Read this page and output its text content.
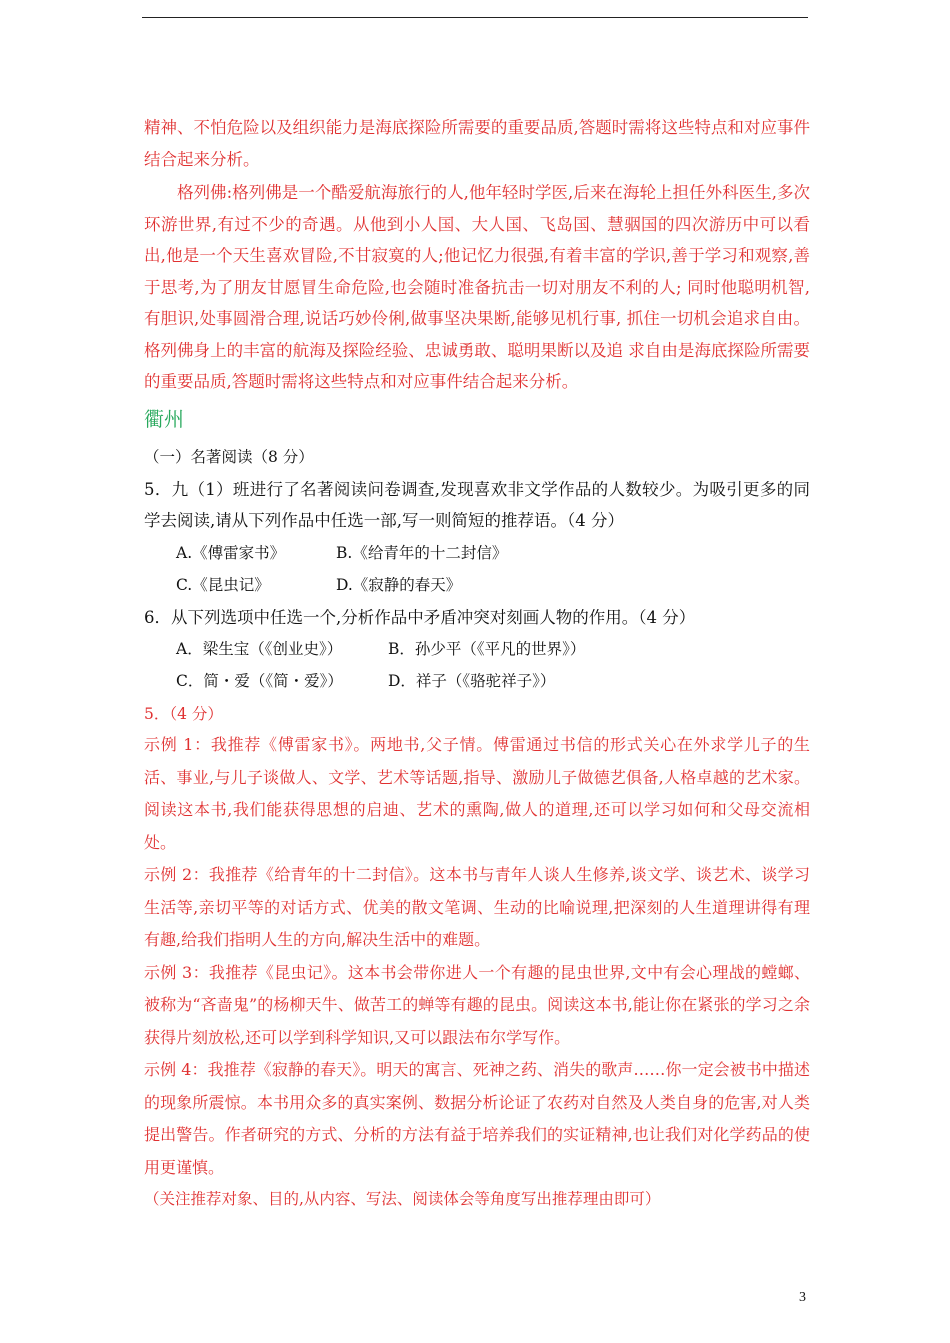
精神、不怕危险以及组织能力是海底探险所需要的重要品质,答题时需将这些特点和对应事件结合起来分析。

格列佛:格列佛是一个酷爱航海旅行的人,他年轻时学医,后来在海轮上担任外科医生,多次环游世界,有过不少的奇遇。从他到小人国、大人国、飞岛国、慧骃国的四次游历中可以看出,他是一个天生喜欢冒险,不甘寂寞的人;他记忆力很强,有着丰富的学识,善于学习和观察,善于思考,为了朋友甘愿冒生命危险,也会随时准备抗击一切对朋友不利的人; 同时他聪明机智,有胆识,处事圆滑合理,说话巧妙伶俐,做事坚决果断,能够见机行事, 抓住一切机会追求自由。格列佛身上的丰富的航海及探险经验、忠诚勇敢、聪明果断以及追 求自由是海底探险所需要的重要品质,答题时需将这些特点和对应事件结合起来分析。

衢州

（一）名著阅读（8 分）

5．九（1）班进行了名著阅读问卷调查,发现喜欢非文学作品的人数较少。为吸引更多的同学去阅读,请从下列作品中任选一部,写一则简短的推荐语。（4 分）

A.《傅雷家书》	B.《给青年的十二封信》
C.《昆虫记》	D.《寂静的春天》

6．从下列选项中任选一个,分析作品中矛盾冲突对刻画人物的作用。（4 分）

A．梁生宝（《创业史》）	B．孙少平（《平凡的世界》）
C．简・爱（《简・爱》）	D．祥子（《骆驼祥子》）

5．（4 分）

示例 1：我推荐《傅雷家书》。两地书,父子情。傅雷通过书信的形式关心在外求学儿子的生活、事业,与儿子谈做人、文学、艺术等话题,指导、激励儿子做德艺俱备,人格卓越的艺术家。阅读这本书,我们能获得思想的启迪、艺术的熏陶,做人的道理,还可以学习如何和父母交流相处。

示例 2：我推荐《给青年的十二封信》。这本书与青年人谈人生修养,谈文学、谈艺术、谈学习生活等,亲切平等的对话方式、优美的散文笔调、生动的比喻说理,把深刻的人生道理讲得有理有趣,给我们指明人生的方向,解决生活中的难题。

示例 3：我推荐《昆虫记》。这本书会带你进人一个有趣的昆虫世界,文中有会心理战的螳螂、被称为“吝啬鬼”的杨柳天牛、做苦工的蝉等有趣的昆虫。阅读这本书,能让你在紧张的学习之余获得片刻放松,还可以学到科学知识,又可以跟法布尔学写作。

示例 4：我推荐《寂静的春天》。明天的寓言、死神之药、消失的歌声……你一定会被书中描述的现象所震惊。本书用众多的真实案例、数据分析论证了农药对自然及人类自身的危害,对人类提出警告。作者研究的方式、分析的方法有益于培养我们的实证精神,也让我们对化学药品的使用更谨慎。

（关注推荐对象、目的,从内容、写法、阅读体会等角度写出推荐理由即可）

3
